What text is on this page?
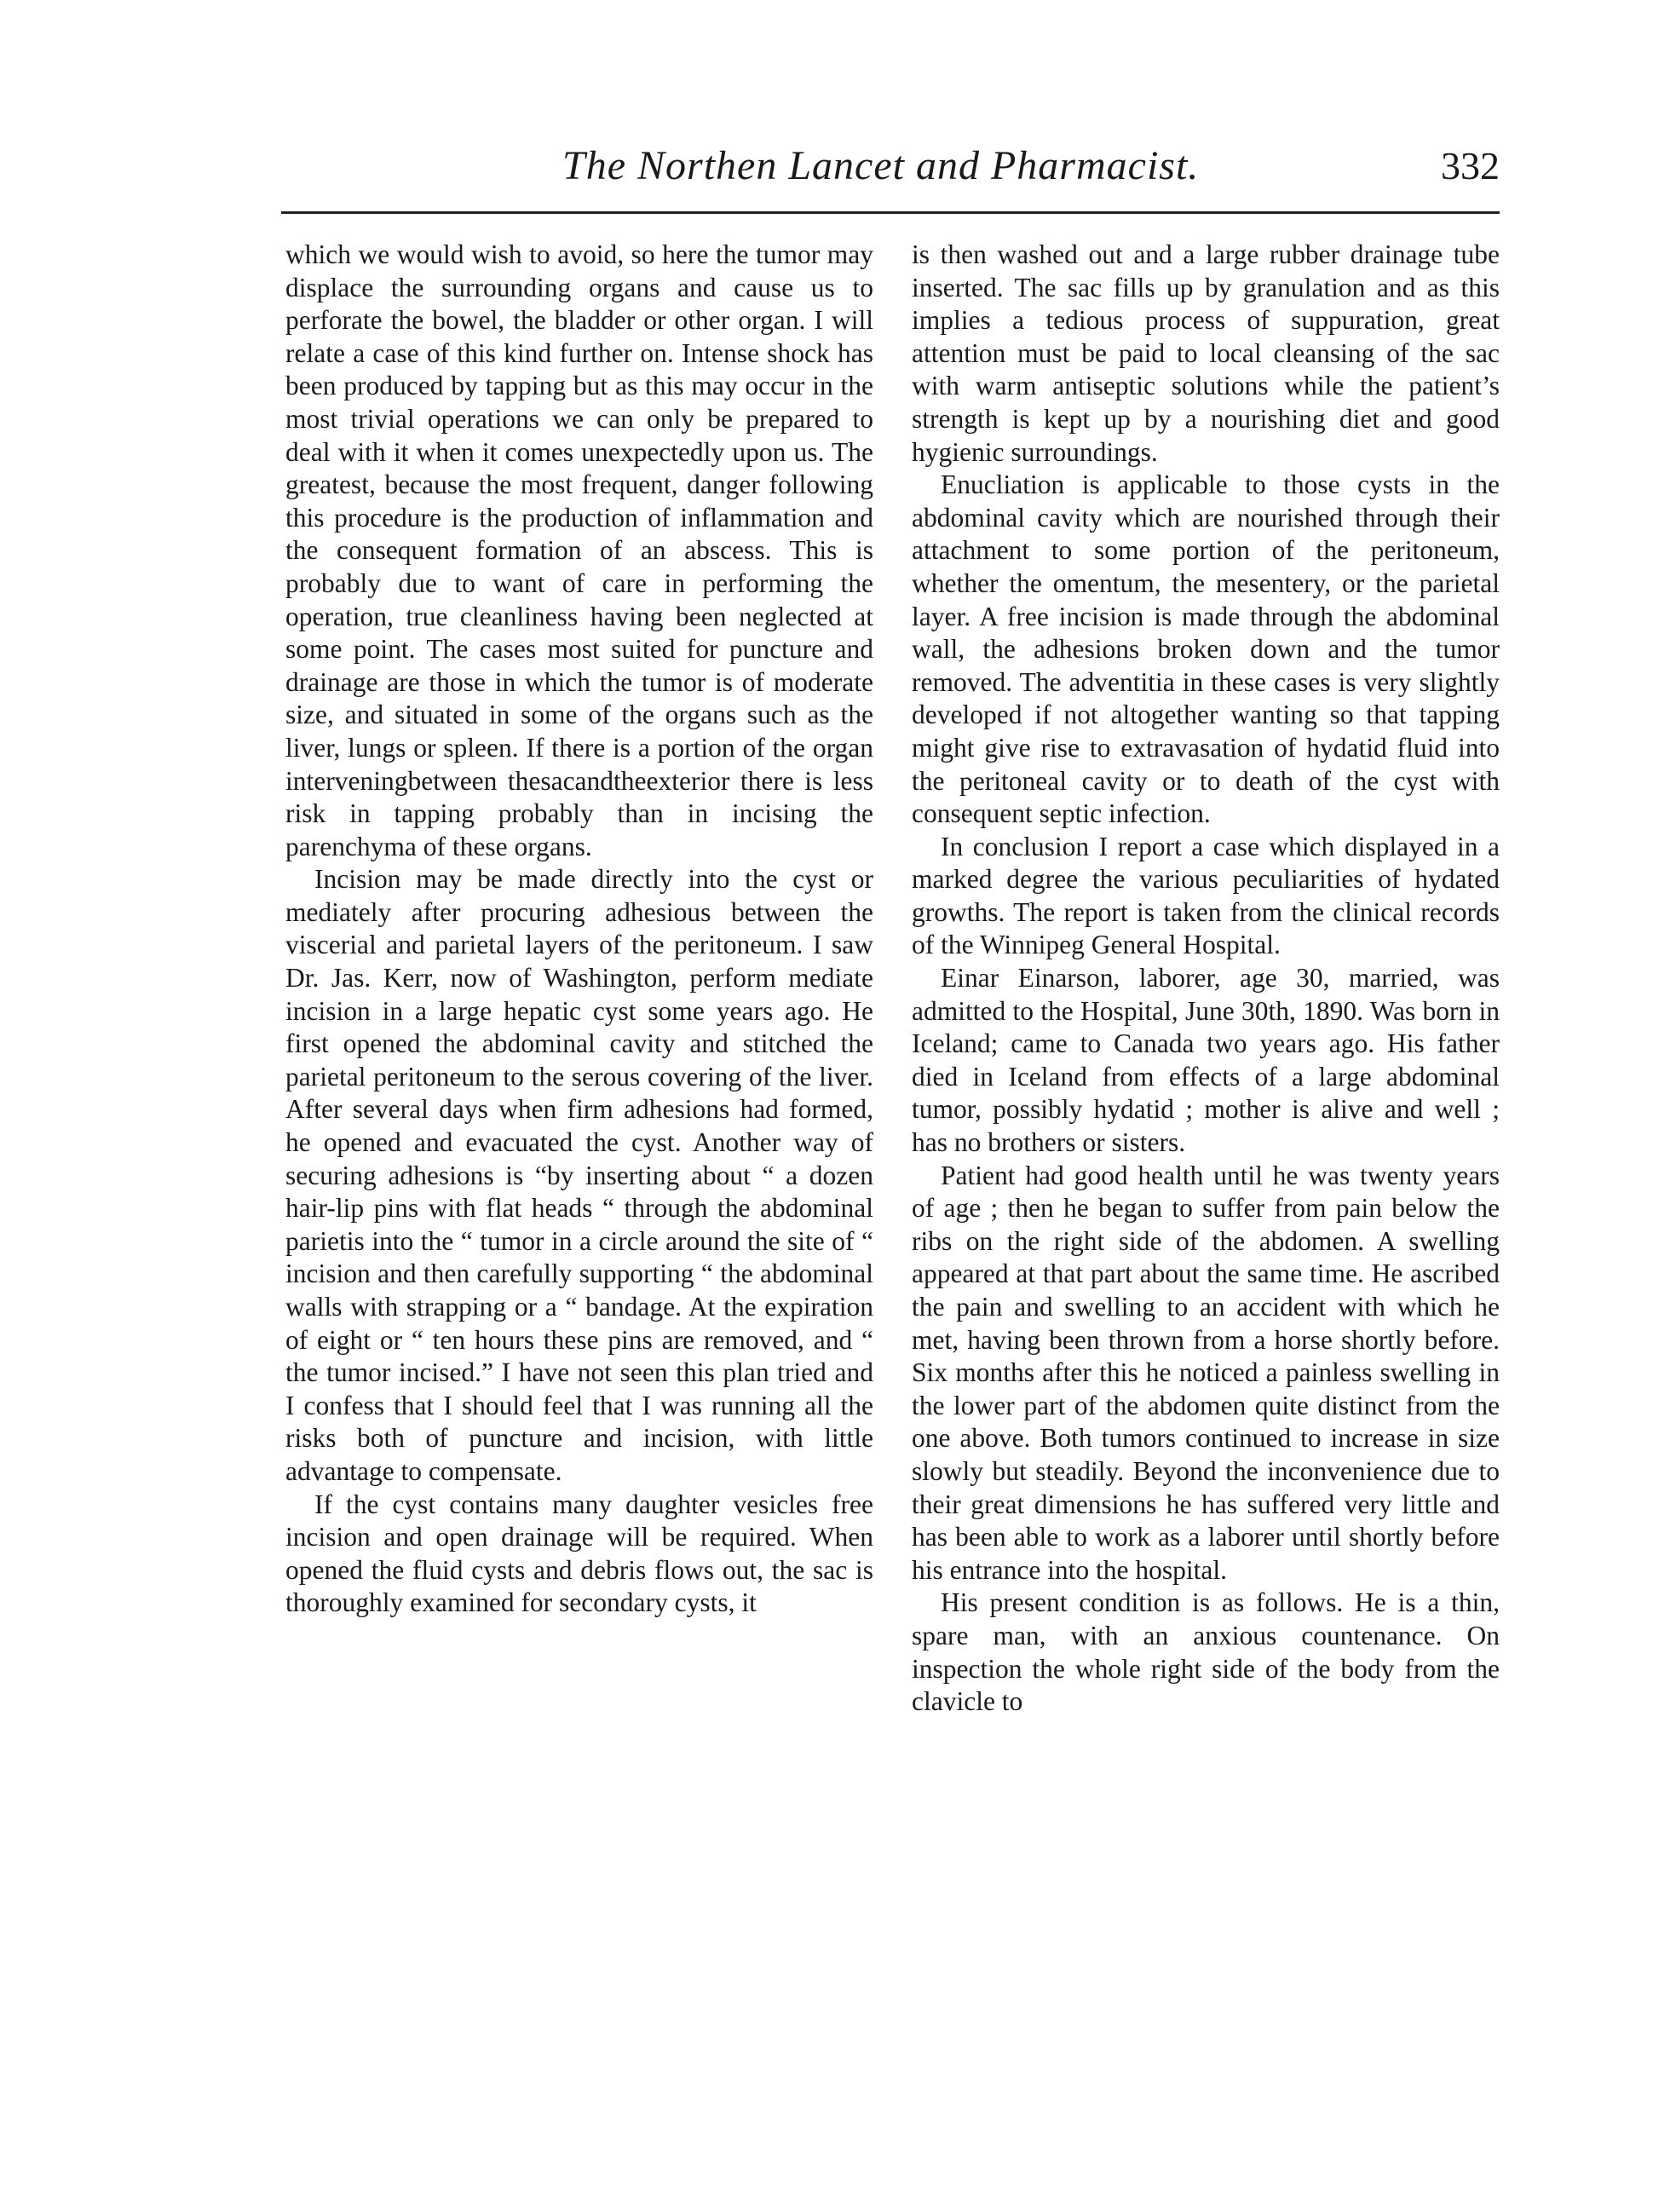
The Northen Lancet and Pharmacist.	332

which we would wish to avoid, so here the tumor may displace the surrounding organs and cause us to perforate the bowel, the bladder or other organ. I will relate a case of this kind further on. Intense shock has been produced by tapping but as this may occur in the most trivial operations we can only be prepared to deal with it when it comes unexpectedly upon us. The greatest, because the most frequent, danger following this procedure is the production of inflammation and the consequent formation of an abscess. This is probably due to want of care in performing the operation, true cleanliness having been neglected at some point. The cases most suited for puncture and drainage are those in which the tumor is of moderate size, and situated in some of the organs such as the liver, lungs or spleen. If there is a portion of the organ interveningbetween thesacandtheexterior there is less risk in tapping probably than in incising the parenchyma of these organs.

Incision may be made directly into the cyst or mediately after procuring adhesious between the viscerial and parietal layers of the peritoneum. I saw Dr. Jas. Kerr, now of Washington, perform mediate incision in a large hepatic cyst some years ago. He first opened the abdominal cavity and stitched the parietal peritoneum to the serous covering of the liver. After several days when firm adhesions had formed, he opened and evacuated the cyst. Another way of securing adhesions is “by inserting about “ a dozen hair-lip pins with flat heads “ through the abdominal parietis into the “ tumor in a circle around the site of “ incision and then carefully supporting “ the abdominal walls with strapping or a “ bandage. At the expiration of eight or “ ten hours these pins are removed, and “ the tumor incised.” I have not seen this plan tried and I confess that I should feel that I was running all the risks both of puncture and incision, with little advantage to compensate.

If the cyst contains many daughter vesicles free incision and open drainage will be required. When opened the fluid cysts and debris flows out, the sac is thoroughly examined for secondary cysts, it

is then washed out and a large rubber drainage tube inserted. The sac fills up by granulation and as this implies a tedious process of suppuration, great attention must be paid to local cleansing of the sac with warm antiseptic solutions while the patient’s strength is kept up by a nourishing diet and good hygienic surroundings.

Enucliation is applicable to those cysts in the abdominal cavity which are nourished through their attachment to some portion of the peritoneum, whether the omentum, the mesentery, or the parietal layer. A free incision is made through the abdominal wall, the adhesions broken down and the tumor removed. The adventitia in these cases is very slightly developed if not altogether wanting so that tapping might give rise to extravasation of hydatid fluid into the peritoneal cavity or to death of the cyst with consequent septic infection.

In conclusion I report a case which displayed in a marked degree the various peculiarities of hydated growths. The report is taken from the clinical records of the Winnipeg General Hospital.

Einar Einarson, laborer, age 30, married, was admitted to the Hospital, June 30th, 1890. Was born in Iceland; came to Canada two years ago. His father died in Iceland from effects of a large abdominal tumor, possibly hydatid ; mother is alive and well ; has no brothers or sisters.

Patient had good health until he was twenty years of age ; then he began to suffer from pain below the ribs on the right side of the abdomen. A swelling appeared at that part about the same time. He ascribed the pain and swelling to an accident with which he met, having been thrown from a horse shortly before. Six months after this he noticed a painless swelling in the lower part of the abdomen quite distinct from the one above. Both tumors continued to increase in size slowly but steadily. Beyond the inconvenience due to their great dimensions he has suffered very little and has been able to work as a laborer until shortly before his entrance into the hospital.

His present condition is as follows. He is a thin, spare man, with an anxious countenance. On inspection the whole right side of the body from the clavicle to
